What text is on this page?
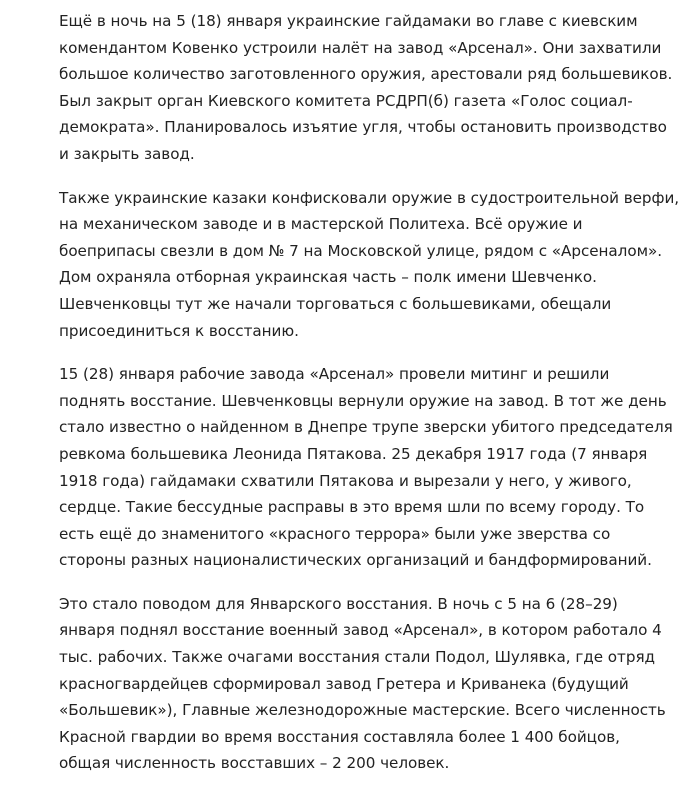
Ещё в ночь на 5 (18) января украинские гайдамаки во главе с киевским
комендантом Ковенко устроили налёт на завод «Арсенал». Они захватили
большое количество заготовленного оружия, арестовали ряд большевиков.
Был закрыт орган Киевского комитета РСДРП(б) газета «Голос социал-
демократа». Планировалось изъятие угля, чтобы остановить производство
и закрыть завод.

Также украинские казаки конфисковали оружие в судостроительной верфи,
на механическом заводе и в мастерской Политеха. Всё оружие и
боеприпасы свезли в дом № 7 на Московской улице, рядом с «Арсеналом».
Дом охраняла отборная украинская часть – полк имени Шевченко.
Шевченковцы тут же начали торговаться с большевиками, обещали
присоединиться к восстанию.

15 (28) января рабочие завода «Арсенал» провели митинг и решили
поднять восстание. Шевченковцы вернули оружие на завод. В тот же день
стало известно о найденном в Днепре трупе зверски убитого председателя
ревкома большевика Леонида Пятакова. 25 декабря 1917 года (7 января
1918 года) гайдамаки схватили Пятакова и вырезали у него, у живого,
сердце. Такие бессудные расправы в это время шли по всему городу. То
есть ещё до знаменитого «красного террора» были уже зверства со
стороны разных националистических организаций и бандформирований.

Это стало поводом для Январского восстания. В ночь с 5 на 6 (28–29)
января поднял восстание военный завод «Арсенал», в котором работало 4
тыс. рабочих. Также очагами восстания стали Подол, Шулявка, где отряд
красногвардейцев сформировал завод Гретера и Криванека (будущий
«Большевик»), Главные железнодорожные мастерские. Всего численность
Красной гвардии во время восстания составляла более 1 400 бойцов,
общая численность восставших – 2 200 человек.
